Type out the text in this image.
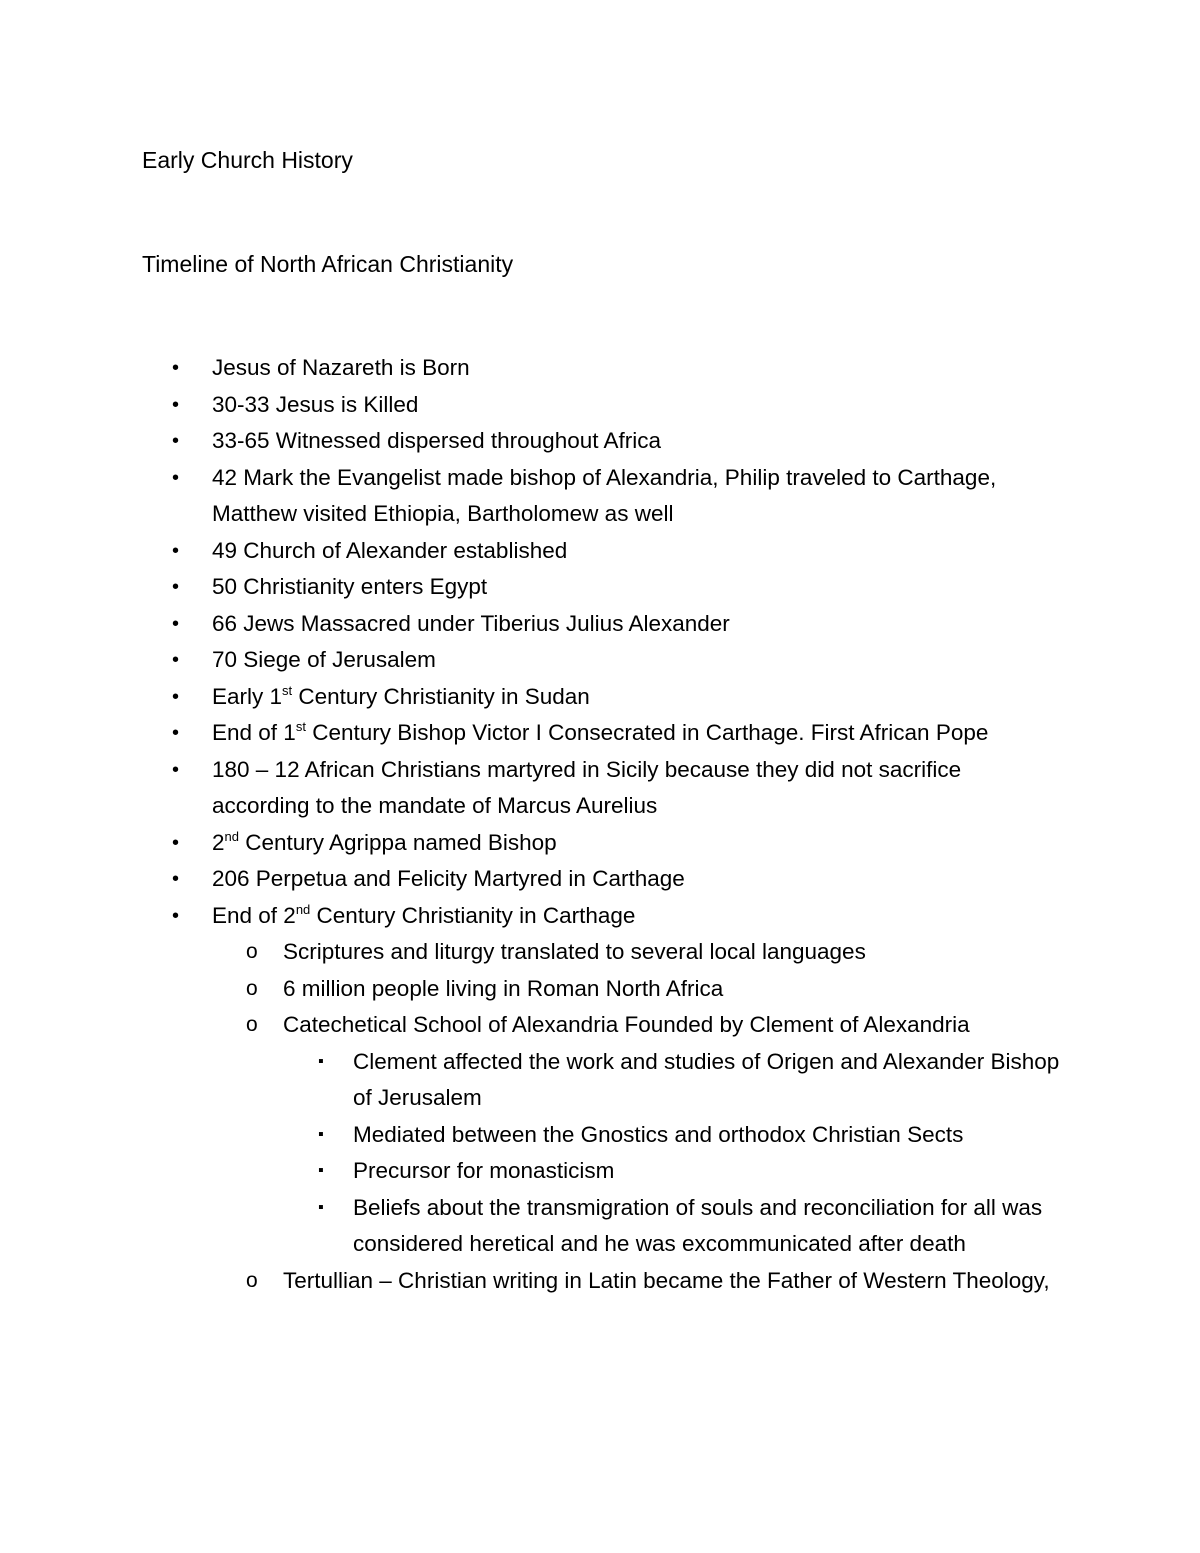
Early Church History
Timeline of North African Christianity
• Jesus of Nazareth is Born
• 30-33 Jesus is Killed
• 33-65 Witnessed dispersed throughout Africa
• 42 Mark the Evangelist made bishop of Alexandria, Philip traveled to Carthage, Matthew visited Ethiopia, Bartholomew as well
• 49 Church of Alexander established
• 50 Christianity enters Egypt
• 66 Jews Massacred under Tiberius Julius Alexander
• 70 Siege of Jerusalem
• Early 1st Century Christianity in Sudan
• End of 1st Century Bishop Victor I Consecrated in Carthage. First African Pope
• 180 – 12 African Christians martyred in Sicily because they did not sacrifice according to the mandate of Marcus Aurelius
• 2nd Century Agrippa named Bishop
• 206 Perpetua and Felicity Martyred in Carthage
• End of 2nd Century Christianity in Carthage
o Scriptures and liturgy translated to several local languages
o 6 million people living in Roman North Africa
o Catechetical School of Alexandria Founded by Clement of Alexandria
▪ Clement affected the work and studies of Origen and Alexander Bishop of Jerusalem
▪ Mediated between the Gnostics and orthodox Christian Sects
▪ Precursor for monasticism
▪ Beliefs about the transmigration of souls and reconciliation for all was considered heretical and he was excommunicated after death
o Tertullian – Christian writing in Latin became the Father of Western Theology,
